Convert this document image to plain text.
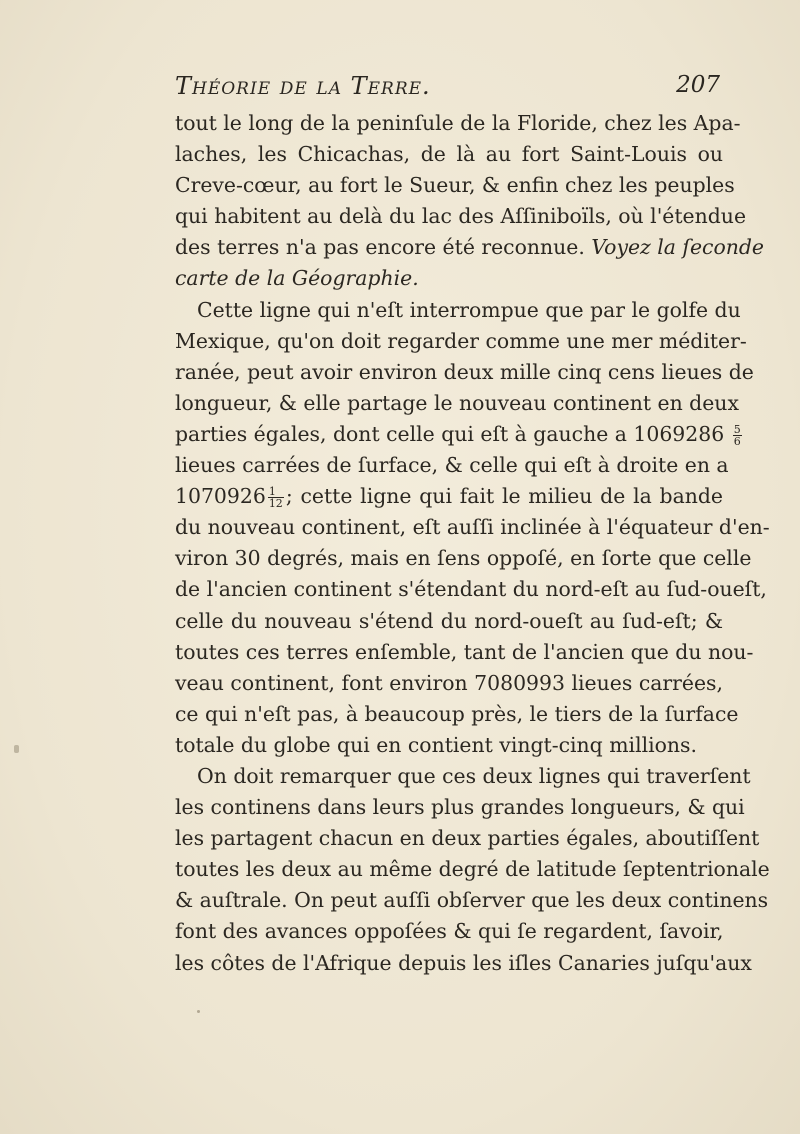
Théorie de la Terre.	207
tout le long de la peninſule de la Floride, chez les Apa-
laches, les Chicachas, de là au fort Saint-Louis ou
Creve-cœur, au fort le Sueur, & enfin chez les peuples
qui habitent au delà du lac des Aſſiniboïls, où l'étendue
des terres n'a pas encore été reconnue. Voyez la ſeconde
carte de la Géographie.
Cette ligne qui n'eſt interrompue que par le golfe du
Mexique, qu'on doit regarder comme une mer méditer-
ranée, peut avoir environ deux mille cinq cens lieues de
longueur, & elle partage le nouveau continent en deux
parties égales, dont celle qui eſt à gauche a $1069286 \frac{5}{6}$
lieues carrées de ſurface, & celle qui eſt à droite en a
$1070926 \frac{1}{12}$ ; cette ligne qui fait le milieu de la bande
du nouveau continent, eſt auſſi inclinée à l'équateur d'en-
viron 30 degrés, mais en ſens oppoſé, en ſorte que celle
de l'ancien continent s'étendant du nord-eſt au ſud-oueſt,
celle du nouveau s'étend du nord-oueſt au ſud-eſt; &
toutes ces terres enſemble, tant de l'ancien que du nou-
veau continent, font environ 7080993 lieues carrées,
ce qui n'eſt pas, à beaucoup près, le tiers de la ſurface
totale du globe qui en contient vingt-cinq millions.
On doit remarquer que ces deux lignes qui traverſent
les continens dans leurs plus grandes longueurs, & qui
les partagent chacun en deux parties égales, aboutiſſent
toutes les deux au même degré de latitude ſeptentrionale
& auſtrale. On peut auſſi obſerver que les deux continens
font des avances oppoſées & qui ſe regardent, ſavoir,
les côtes de l'Afrique depuis les iſles Canaries juſqu'aux
